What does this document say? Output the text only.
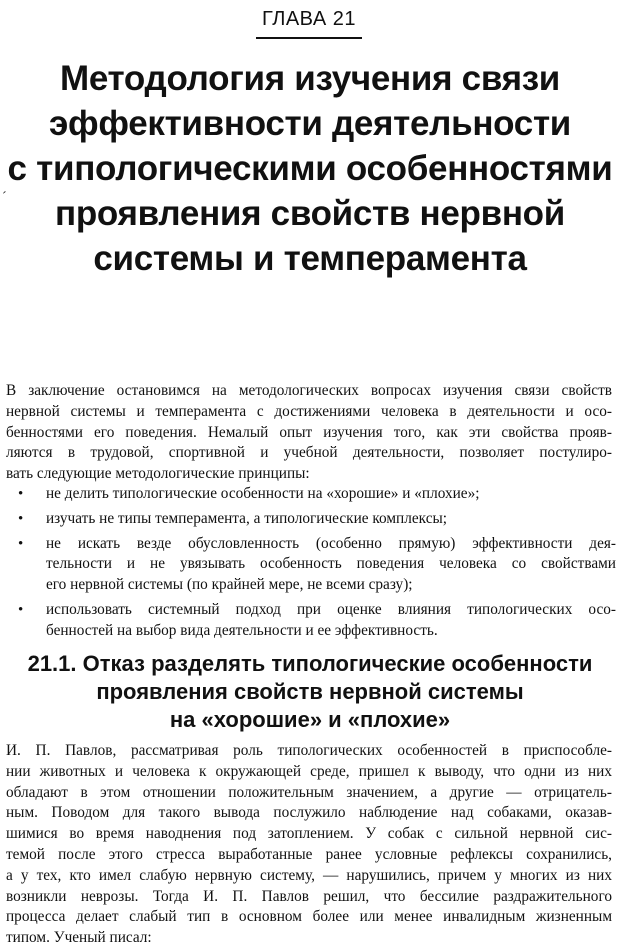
ГЛАВА 21
Методология изучения связи
эффективности деятельности
с типологическими особенностями
проявления свойств нервной
системы и темперамента
´
В заключение остановимся на методологических вопросах изучения связи свойств
нервной системы и темперамента с достижениями человека в деятельности и осо-
бенностями его поведения. Немалый опыт изучения того, как эти свойства прояв-
ляются в трудовой, спортивной и учебной деятельности, позволяет постулиро-
вать следующие методологические принципы:
• не делить типологические особенности на «хорошие» и «плохие»;
• изучать не типы темперамента, а типологические комплексы;
• не искать везде обусловленность (особенно прямую) эффективности дея-
тельности и не увязывать особенность поведения человека со свойствами
его нервной системы (по крайней мере, не всеми сразу);
• использовать системный подход при оценке влияния типологических осо-
бенностей на выбор вида деятельности и ее эффективность.
21.1. Отказ разделять типологические особенности
проявления свойств нервной системы
на «хорошие» и «плохие»
И. П. Павлов, рассматривая роль типологических особенностей в приспособле-
нии животных и человека к окружающей среде, пришел к выводу, что одни из них
обладают в этом отношении положительным значением, а другие — отрицатель-
ным. Поводом для такого вывода послужило наблюдение над собаками, оказав-
шимися во время наводнения под затоплением. У собак с сильной нервной сис-
темой после этого стресса выработанные ранее условные рефлексы сохранились,
а у тех, кто имел слабую нервную систему, — нарушились, причем у многих из них
возникли неврозы. Тогда И. П. Павлов решил, что бессилие раздражительного
процесса делает слабый тип в основном более или менее инвалидным жизненным
типом. Ученый писал:
